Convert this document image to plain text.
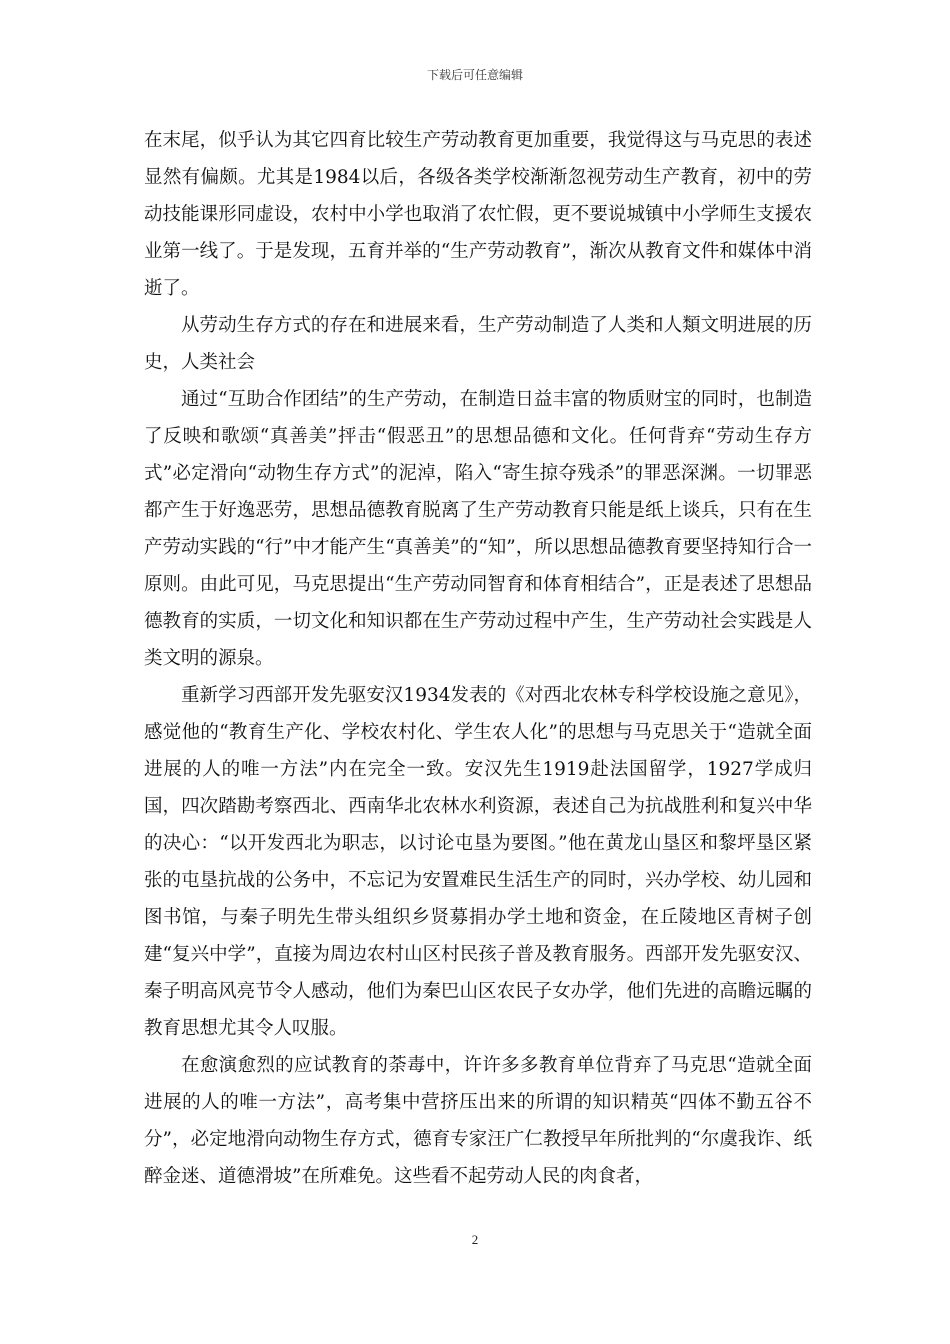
下载后可任意编辑

在末尾，似乎认为其它四育比较生产劳动教育更加重要，我觉得这与马克思的表述显然有偏颇。尤其是1984以后，各级各类学校渐渐忽视劳动生产教育，初中的劳动技能课形同虚设，农村中小学也取消了农忙假，更不要说城镇中小学师生支援农业第一线了。于是发现，五育并举的“生产劳动教育”，渐次从教育文件和媒体中消逝了。

从劳动生存方式的存在和进展来看，生产劳动制造了人类和人類文明进展的历史，人类社会

通过“互助合作团结”的生产劳动，在制造日益丰富的物质财宝的同时，也制造了反映和歌颂“真善美”抨击“假恶丑”的思想品德和文化。任何背弃“劳动生存方式”必定滑向“动物生存方式”的泥淖，陷入“寄生掠夺残杀”的罪恶深渊。一切罪恶都产生于好逸恶劳，思想品德教育脱离了生产劳动教育只能是纸上谈兵，只有在生产劳动实践的“行”中才能产生“真善美”的“知”，所以思想品德教育要坚持知行合一原则。由此可见，马克思提出“生产劳动同智育和体育相结合”，正是表述了思想品德教育的实质，一切文化和知识都在生产劳动过程中产生，生产劳动社会实践是人类文明的源泉。

重新学习西部开发先驱安汉1934发表的《对西北农林专科学校设施之意见》，感觉他的“教育生产化、学校农村化、学生农人化”的思想与马克思关于“造就全面进展的人的唯一方法”内在完全一致。安汉先生1919赴法国留学，1927学成归国，四次踏勘考察西北、西南华北农林水利资源，表述自己为抗战胜利和复兴中华的决心：“以开发西北为职志，以讨论屯垦为要图。”他在黄龙山垦区和黎坪垦区紧张的屯垦抗战的公务中，不忘记为安置难民生活生产的同时，兴办学校、幼儿园和图书馆，与秦子明先生带头组织乡贤募捐办学土地和资金，在丘陵地区青树子创建“复兴中学”，直接为周边农村山区村民孩子普及教育服务。西部开发先驱安汉、秦子明高风亮节令人感动，他们为秦巴山区农民子女办学，他们先进的高瞻远瞩的教育思想尤其令人叹服。

在愈演愈烈的应试教育的荼毒中，许许多多教育单位背弃了马克思“造就全面进展的人的唯一方法”，高考集中营挤压出来的所谓的知识精英“四体不勤五谷不分”，必定地滑向动物生存方式，德育专家汪广仁教授早年所批判的“尔虞我诈、纸醉金迷、道德滑坡”在所难免。这些看不起劳动人民的肉食者，

2
